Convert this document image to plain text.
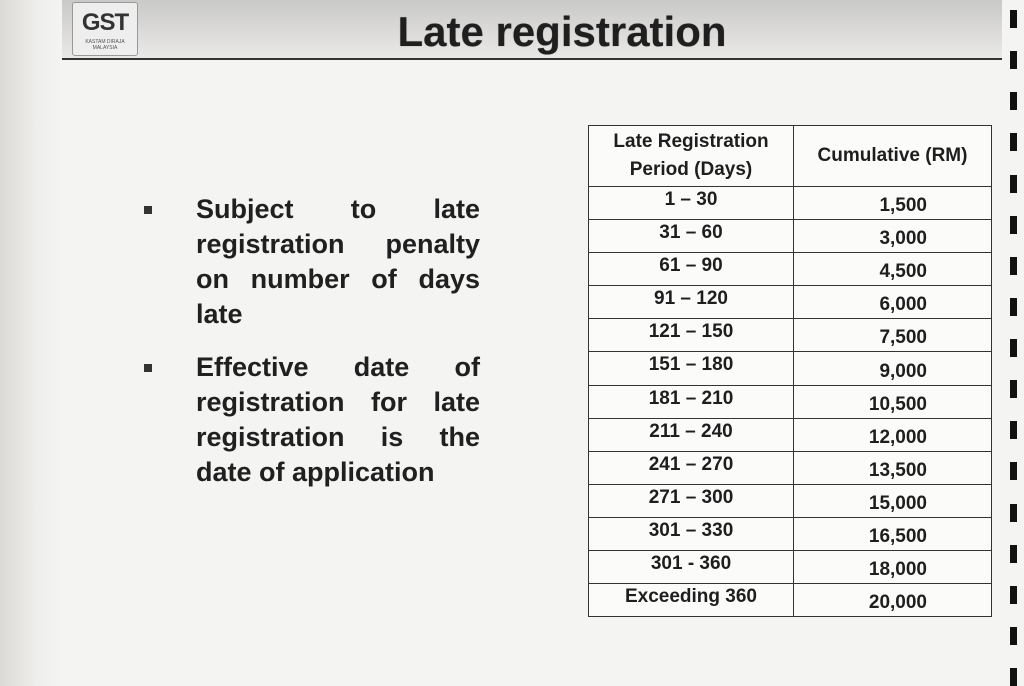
GST
KASTAM DIRAJA MALAYSIA	Late registration
Subject to late registration penalty on number of days late
Effective date of registration for late registration is the date of application
Late Registration Period (Days)	Cumulative (RM)
1 – 30	1,500
31 – 60	3,000
61 – 90	4,500
91 – 120	6,000
121 – 150	7,500
151 – 180	9,000
181 – 210	10,500
211 – 240	12,000
241 – 270	13,500
271 – 300	15,000
301 – 330	16,500
301 - 360	18,000
Exceeding 360	20,000
